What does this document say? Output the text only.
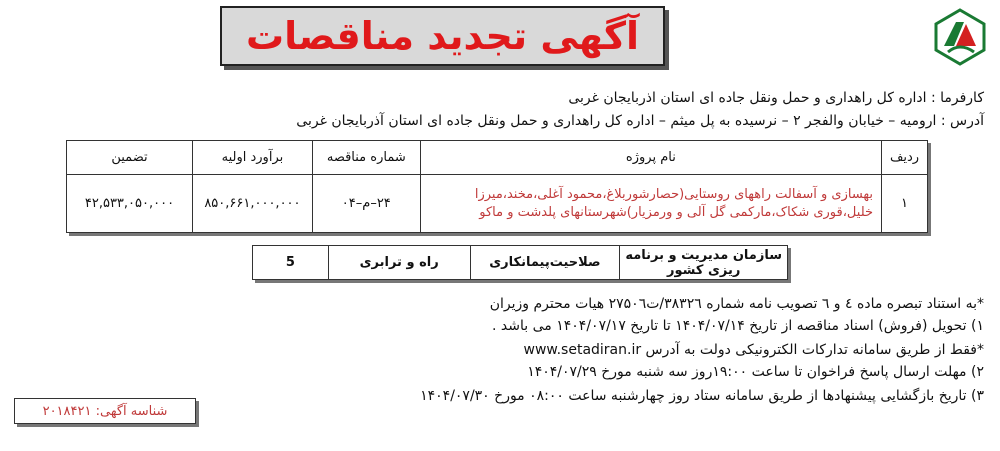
آگهی تجدید مناقصات
کارفرما : اداره کل راهداری و حمل ونقل جاده ای استان اذربایجان غربی
آدرس : ارومیه – خیابان والفجر ۲ – نرسیده به پل میثم – اداره کل راهداری و حمل ونقل جاده ای استان آذربایجان غربی
ردیف	نام پروژه	شماره مناقصه	برآورد اولیه	تضمین
۱	بهسازی و آسفالت راههای روستایی(حصارشوربلاغ،محمود آغلی،مخند،میرزا خلیل،قوری شکاک،مارکمی گل آلی و ورمزیار)شهرستانهای پلدشت و ماکو	۲۴–م–۰۴	۸۵۰,۶۶۱,۰۰۰,۰۰۰	۴۲,۵۳۳,۰۵۰,۰۰۰
سازمان مدیریت و برنامه ریزی کشور	صلاحیت‌پیمانکاری	راه و ترابری	5
*به استناد تبصره ماده ٤ و ٦ تصویب نامه شماره ۳۸۳۲٦/ت۲۷۵۰٦ هیات محترم وزیران
۱) تحویل (فروش) اسناد مناقصه از تاریخ ۱۴۰۴/۰۷/۱۴ تا تاریخ ۱۴۰۴/۰۷/۱۷ می باشد .
*فقط از طریق سامانه تدارکات الکترونیکی دولت به آدرس www.setadiran.ir
۲) مهلت ارسال پاسخ فراخوان تا ساعت ۱۹:۰۰روز سه شنبه مورخ ۱۴۰۴/۰۷/۲۹
۳) تاریخ بازگشایی پیشنهادها از طریق سامانه ستاد روز چهارشنبه ساعت ۰۸:۰۰ مورخ ۱۴۰۴/۰۷/۳۰
شناسه آگهی: ۲۰۱۸۴۲۱
